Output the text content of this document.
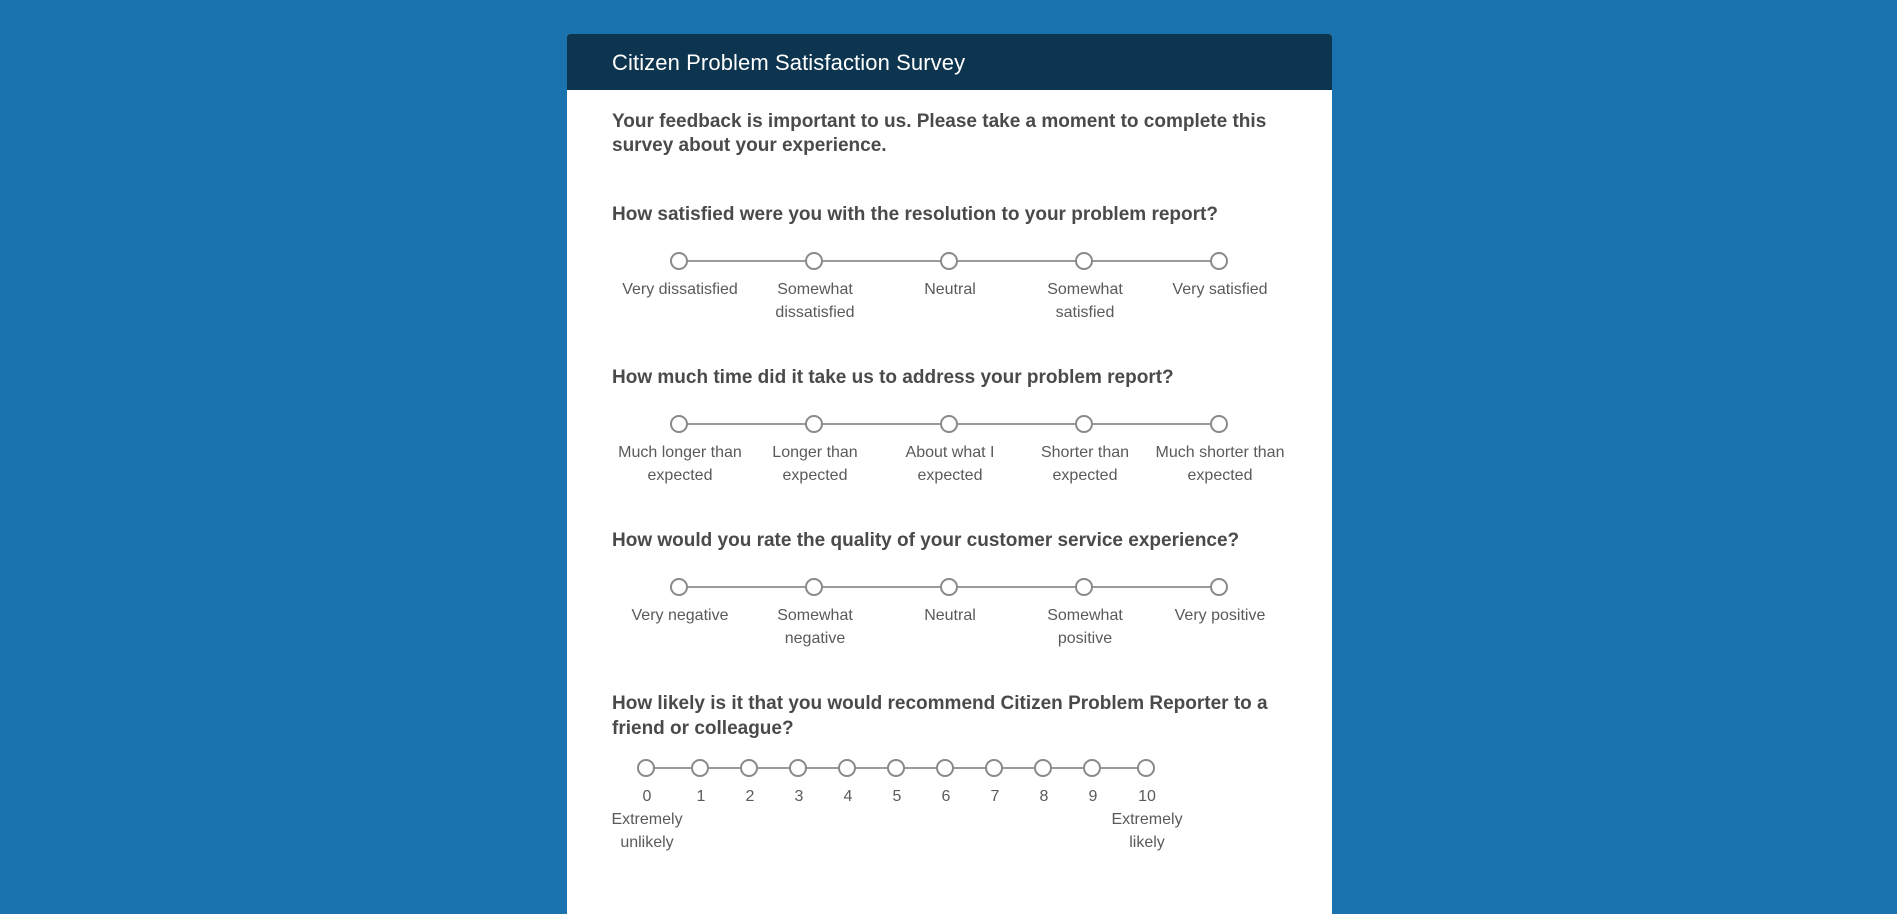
Citizen Problem Satisfaction Survey
Your feedback is important to us. Please take a moment to complete this survey about your experience.
How satisfied were you with the resolution to your problem report?
Very dissatisfied	Somewhat dissatisfied
Neutral	Somewhat satisfied
Very satisfied
How much time did it take us to address your problem report?
Much longer than expected
Longer than expected
About what I expected
Shorter than expected
Much shorter than expected
How would you rate the quality of your customer service experience?
Very negative	Somewhat negative
Neutral	Somewhat positive
Very positive
How likely is it that you would recommend Citizen Problem Reporter to a friend or colleague?
0	1	2	3	4	5	6	7	8	9	10
Extremely unlikely
Extremely likely
